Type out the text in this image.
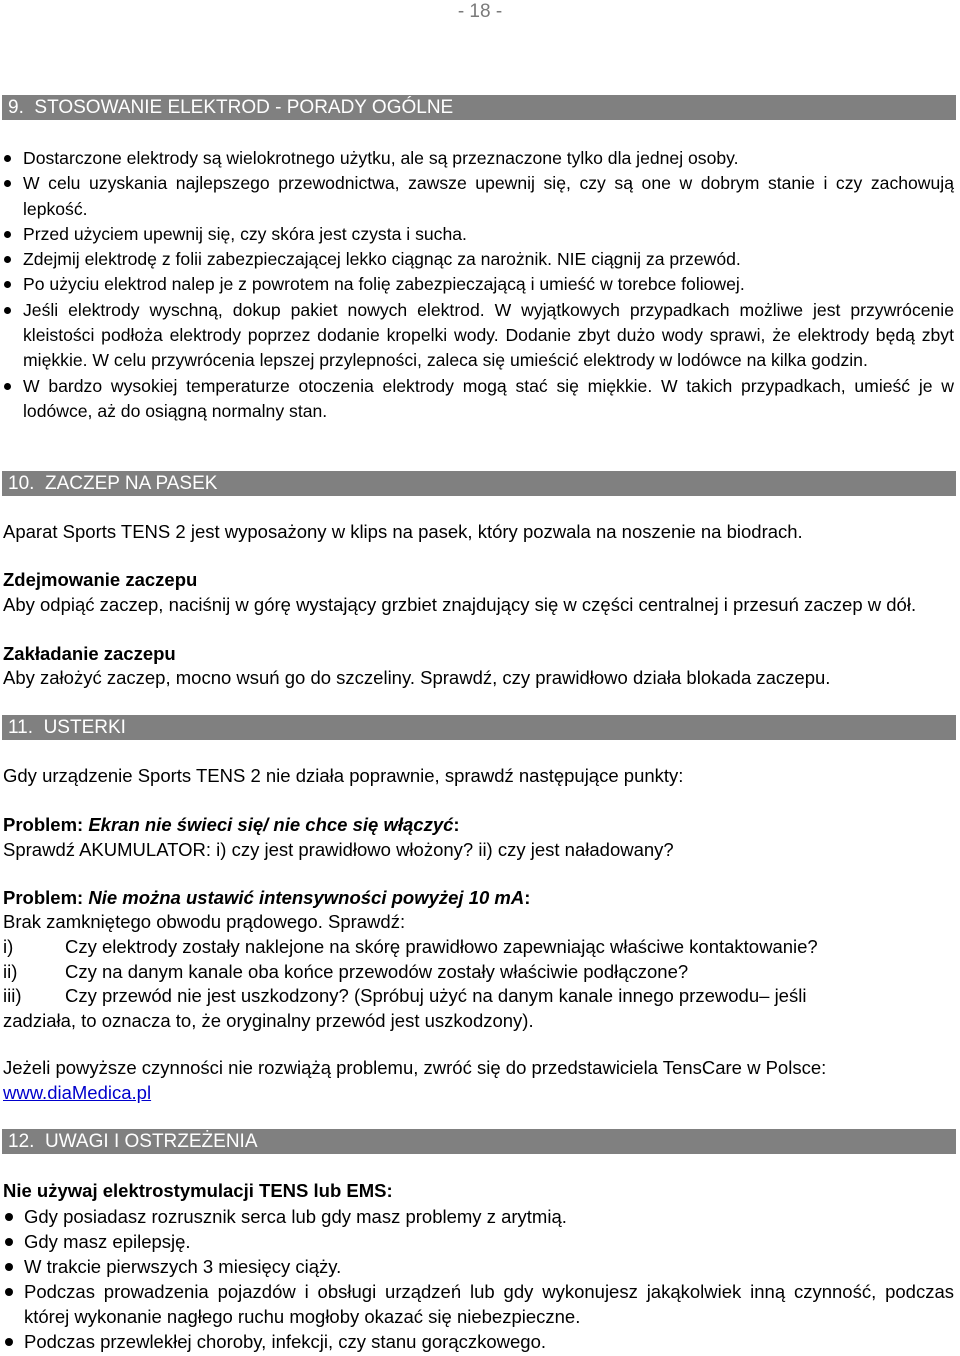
- 18 -
9. STOSOWANIE ELEKTROD - PORADY OGÓLNE
Dostarczone elektrody są wielokrotnego użytku, ale są przeznaczone tylko dla jednej osoby.
W celu uzyskania najlepszego przewodnictwa, zawsze upewnij się, czy są one w dobrym stanie i czy zachowują lepkość.
Przed użyciem upewnij się, czy skóra jest czysta i sucha.
Zdejmij elektrodę z folii zabezpieczającej lekko ciągnąc za narożnik. NIE ciągnij za przewód.
Po użyciu elektrod nalep je z powrotem na folię zabezpieczającą i umieść w torebce foliowej.
Jeśli elektrody wyschną, dokup pakiet nowych elektrod. W wyjątkowych przypadkach możliwe jest przywrócenie kleistości podłoża elektrody poprzez dodanie kropelki wody. Dodanie zbyt dużo wody sprawi, że elektrody będą zbyt miękkie. W celu przywrócenia lepszej przylepności, zaleca się umieścić elektrody w lodówce na kilka godzin.
W bardzo wysokiej temperaturze otoczenia elektrody mogą stać się miękkie. W takich przypadkach, umieść je w lodówce, aż do osiągną normalny stan.
10. ZACZEP NA PASEK
Aparat Sports TENS 2 jest wyposażony w klips na pasek, który pozwala na noszenie na biodrach.
Zdejmowanie zaczepu
Aby odpiąć zaczep, naciśnij w górę wystający grzbiet znajdujący się w części centralnej i przesuń zaczep w dół.
Zakładanie zaczepu
Aby założyć zaczep, mocno wsuń go do szczeliny. Sprawdź, czy prawidłowo działa blokada zaczepu.
11. USTERKI
Gdy urządzenie Sports TENS 2 nie działa poprawnie, sprawdź następujące punkty:
Problem: Ekran nie świeci się/ nie chce się włączyć:
Sprawdź AKUMULATOR: i) czy jest prawidłowo włożony? ii) czy jest naładowany?
Problem: Nie można ustawić intensywności powyżej 10 mA:
Brak zamkniętego obwodu prądowego. Sprawdź:
i)	Czy elektrody zostały naklejone na skórę prawidłowo zapewniając właściwe kontaktowanie?
ii)	Czy na danym kanale oba końce przewodów zostały właściwie podłączone?
iii)	Czy przewód nie jest uszkodzony? (Spróbuj użyć na danym kanale innego przewodu– jeśli
zadziała, to oznacza to, że oryginalny przewód jest uszkodzony).
Jeżeli powyższe czynności nie rozwiążą problemu, zwróć się do przedstawiciela TensCare w Polsce:
www.diaMedica.pl
12. UWAGI I OSTRZEŻENIA
Nie używaj elektrostymulacji TENS lub EMS:
Gdy posiadasz rozrusznik serca lub gdy masz problemy z arytmią.
Gdy masz epilepsję.
W trakcie pierwszych 3 miesięcy ciąży.
Podczas prowadzenia pojazdów i obsługi urządzeń lub gdy wykonujesz jakąkolwiek inną czynność, podczas której wykonanie nagłego ruchu mogłoby okazać się niebezpieczne.
Podczas przewlekłej choroby, infekcji, czy stanu gorączkowego.
